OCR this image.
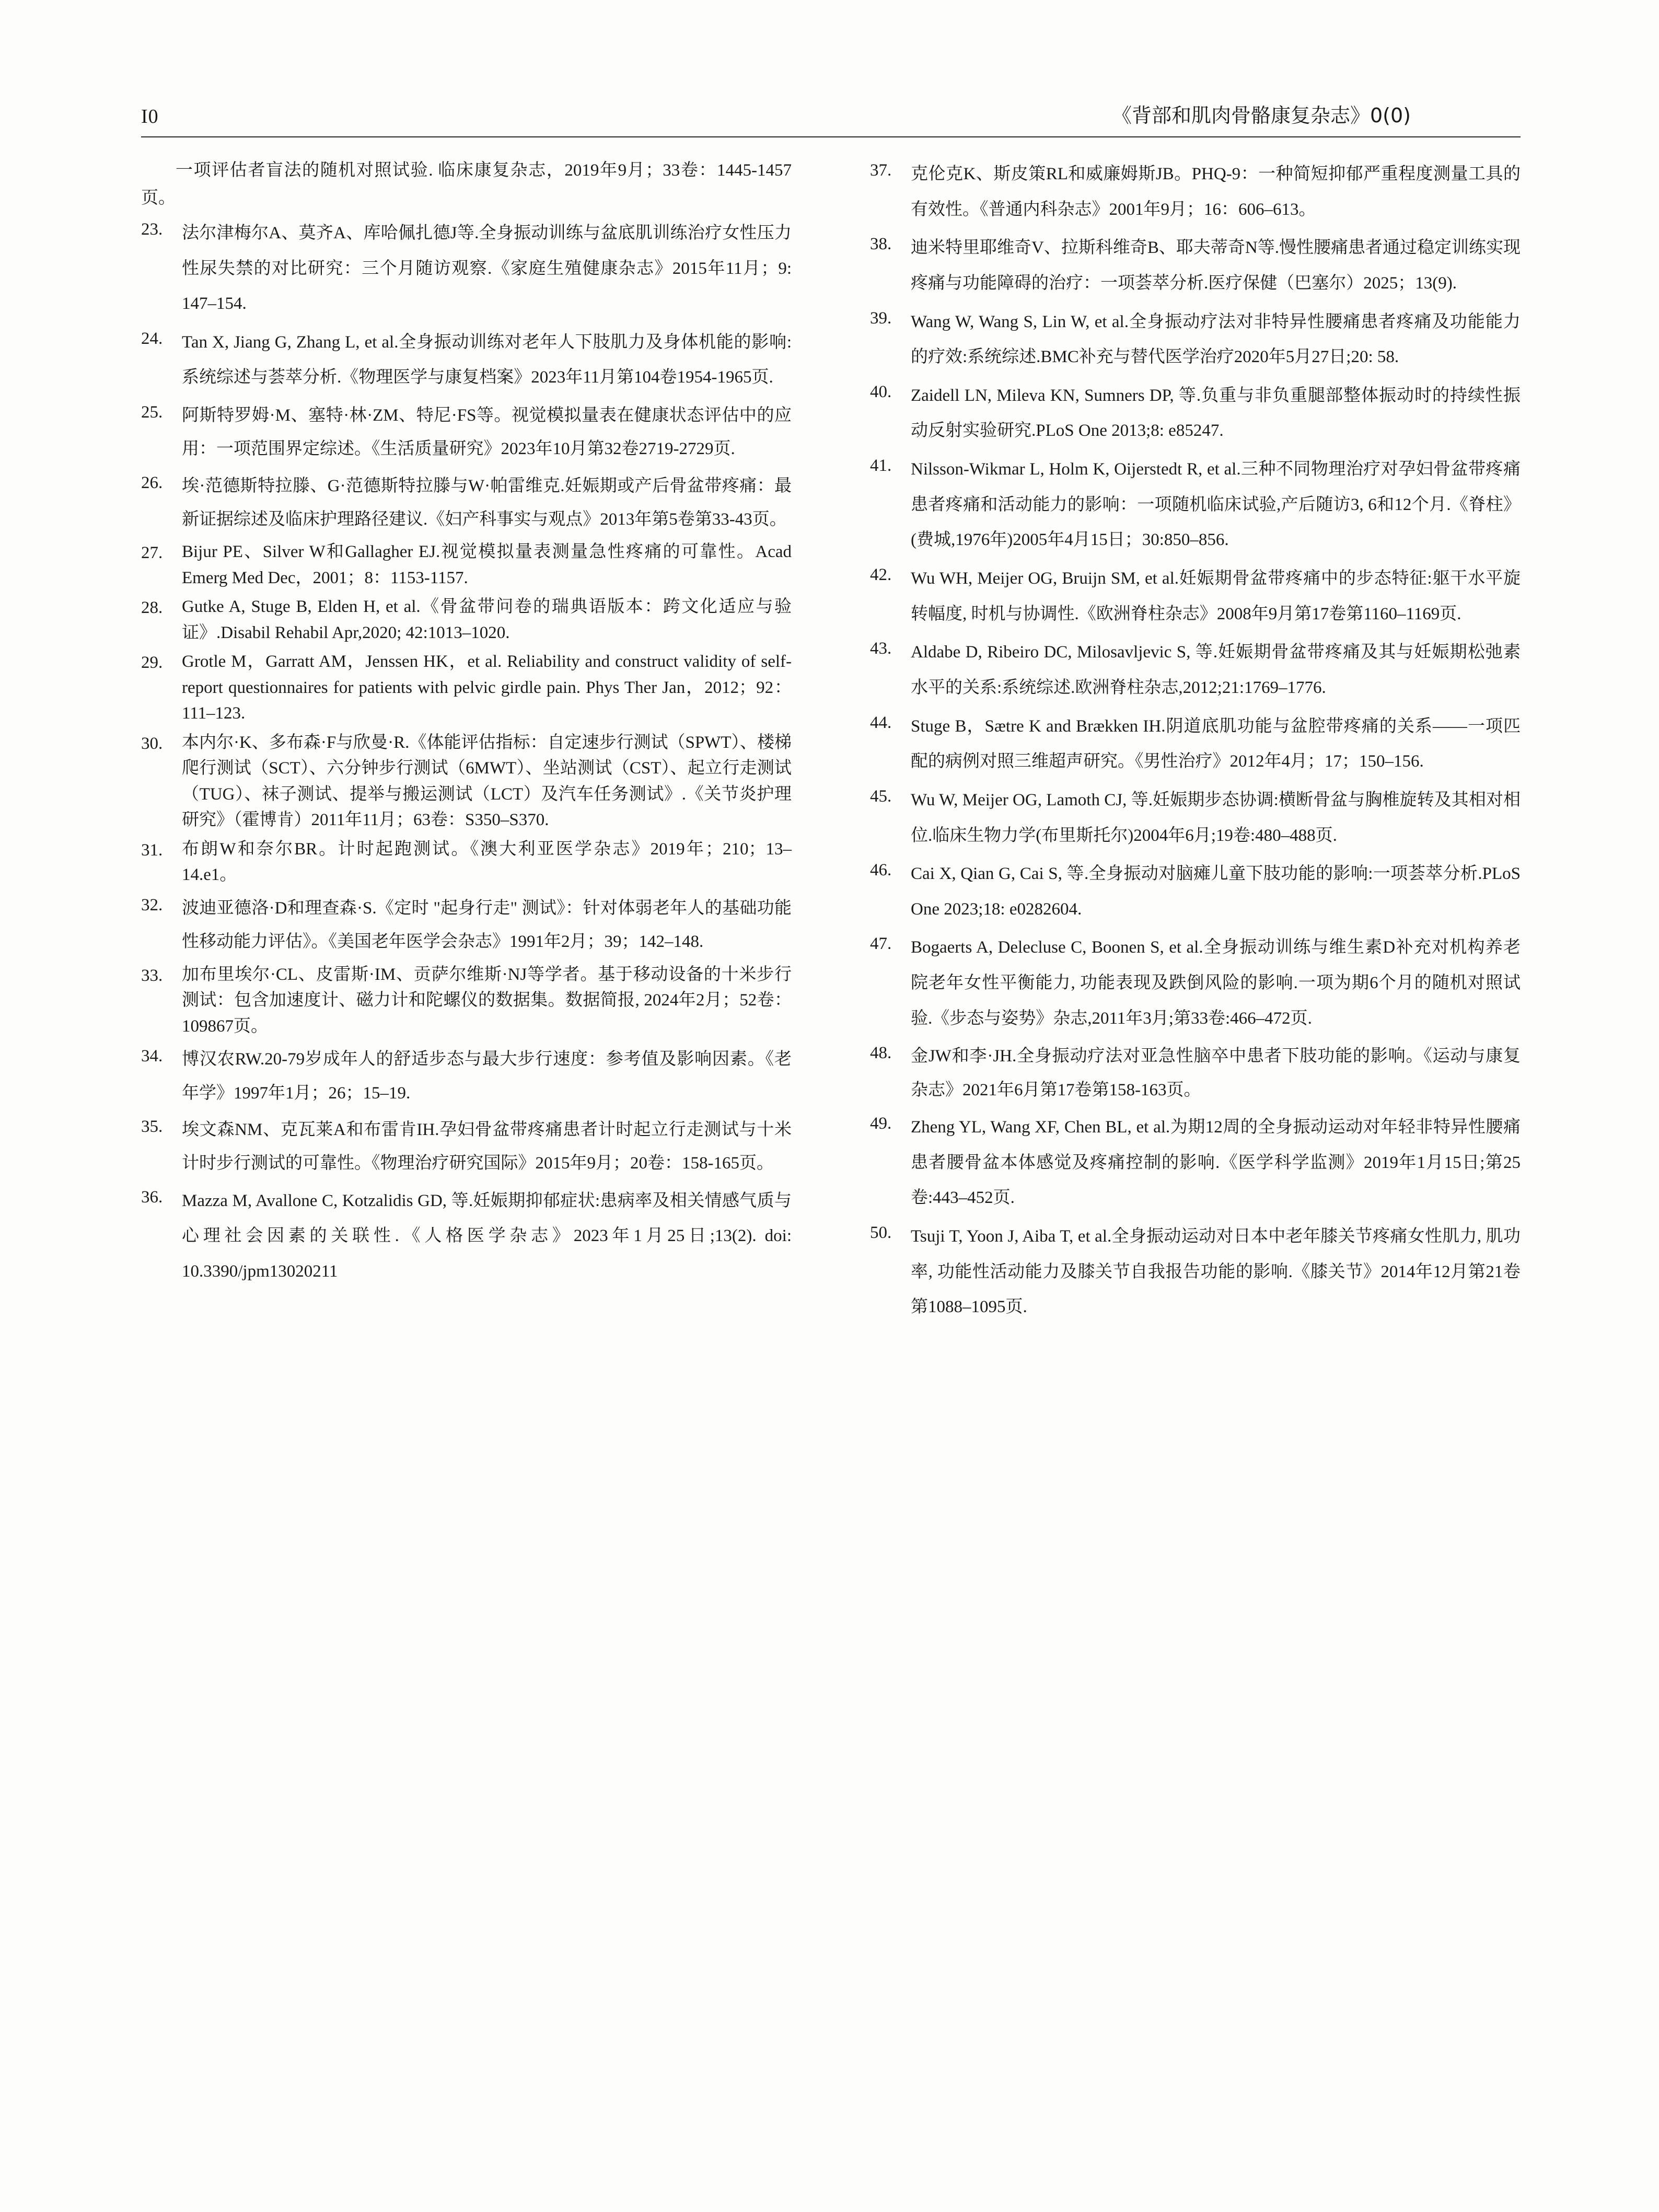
I0	《背部和肌肉骨骼康复杂志》0(0)

一项评估者盲法的随机对照试验. 临床康复杂志，2019年9月；33卷：1445-1457页。

23.	法尔津梅尔A、莫齐A、库哈佩扎德J等.全身振动训练与盆底肌训练治疗女性压力性尿失禁的对比研究：三个月随访观察.《家庭生殖健康杂志》2015年11月；9: 147–154.
24.	Tan X, Jiang G, Zhang L, et al.全身振动训练对老年人下肢肌力及身体机能的影响:系统综述与荟萃分析.《物理医学与康复档案》2023年11月第104卷1954-1965页.
25.	阿斯特罗姆·M、塞特·林·ZM、特尼·FS等。视觉模拟量表在健康状态评估中的应用：一项范围界定综述。《生活质量研究》2023年10月第32卷2719-2729页.
26.	埃·范德斯特拉滕、G·范德斯特拉滕与W·帕雷维克.妊娠期或产后骨盆带疼痛：最新证据综述及临床护理路径建议.《妇产科事实与观点》2013年第5卷第33-43页。
27.	Bijur PE、Silver W和Gallagher EJ.视觉模拟量表测量急性疼痛的可靠性。Acad Emerg Med Dec，2001；8：1153-1157.
28.	Gutke A, Stuge B, Elden H, et al.《骨盆带问卷的瑞典语版本：跨文化适应与验证》.Disabil Rehabil Apr,2020; 42:1013–1020.
29.	Grotle M，Garratt AM，Jenssen HK，et al. Reliability and construct validity of self-report questionnaires for patients with pelvic girdle pain. Phys Ther Jan，2012；92：111–123.
30.	本内尔·K、多布森·F与欣曼·R.《体能评估指标：自定速步行测试（SPWT）、楼梯爬行测试（SCT）、六分钟步行测试（6MWT）、坐站测试（CST）、起立行走测试（TUG）、袜子测试、提举与搬运测试（LCT）及汽车任务测试》.《关节炎护理研究》（霍博肯）2011年11月；63卷：S350–S370.
31.	布朗W和奈尔BR。计时起跑测试。《澳大利亚医学杂志》2019年；210；13–14.e1。
32.	波迪亚德洛·D和理查森·S.《定时 "起身行走" 测试》：针对体弱老年人的基础功能性移动能力评估》。《美国老年医学会杂志》1991年2月；39；142–148.
33.	加布里埃尔·CL、皮雷斯·IM、贡萨尔维斯·NJ等学者。基于移动设备的十米步行测试：包含加速度计、磁力计和陀螺仪的数据集。数据简报, 2024年2月；52卷：109867页。
34.	博汉农RW.20-79岁成年人的舒适步态与最大步行速度：参考值及影响因素。《老年学》1997年1月；26；15–19.
35.	埃文森NM、克瓦莱A和布雷肯IH.孕妇骨盆带疼痛患者计时起立行走测试与十米计时步行测试的可靠性。《物理治疗研究国际》2015年9月；20卷：158-165页。
36.	Mazza M, Avallone C, Kotzalidis GD, 等.妊娠期抑郁症状:患病率及相关情感气质与心理社会因素的关联性.《人格医学杂志》2023年1月25日;13(2). doi: 10.3390/jpm13020211
37.	克伦克K、斯皮策RL和威廉姆斯JB。PHQ-9：一种简短抑郁严重程度测量工具的有效性。《普通内科杂志》2001年9月；16：606–613。
38.	迪米特里耶维奇V、拉斯科维奇B、耶夫蒂奇N等.慢性腰痛患者通过稳定训练实现疼痛与功能障碍的治疗：一项荟萃分析.医疗保健（巴塞尔）2025；13(9).
39.	Wang W, Wang S, Lin W, et al.全身振动疗法对非特异性腰痛患者疼痛及功能能力的疗效:系统综述.BMC补充与替代医学治疗2020年5月27日;20: 58.
40.	Zaidell LN, Mileva KN, Sumners DP, 等.负重与非负重腿部整体振动时的持续性振动反射实验研究.PLoS One 2013;8: e85247.
41.	Nilsson-Wikmar L, Holm K, Oijerstedt R, et al.三种不同物理治疗对孕妇骨盆带疼痛患者疼痛和活动能力的影响：一项随机临床试验,产后随访3, 6和12个月.《脊柱》(费城,1976年)2005年4月15日；30:850–856.
42.	Wu WH, Meijer OG, Bruijn SM, et al.妊娠期骨盆带疼痛中的步态特征:躯干水平旋转幅度, 时机与协调性.《欧洲脊柱杂志》2008年9月第17卷第1160–1169页.
43.	Aldabe D, Ribeiro DC, Milosavljevic S, 等.妊娠期骨盆带疼痛及其与妊娠期松弛素水平的关系:系统综述.欧洲脊柱杂志,2012;21:1769–1776.
44.	Stuge B，Sætre K and Brækken IH.阴道底肌功能与盆腔带疼痛的关系——一项匹配的病例对照三维超声研究。《男性治疗》2012年4月；17；150–156.
45.	Wu W, Meijer OG, Lamoth CJ, 等.妊娠期步态协调:横断骨盆与胸椎旋转及其相对相位.临床生物力学(布里斯托尔)2004年6月;19卷:480–488页.
46.	Cai X, Qian G, Cai S, 等.全身振动对脑瘫儿童下肢功能的影响:一项荟萃分析.PLoS One 2023;18: e0282604.
47.	Bogaerts A, Delecluse C, Boonen S, et al.全身振动训练与维生素D补充对机构养老院老年女性平衡能力, 功能表现及跌倒风险的影响.一项为期6个月的随机对照试验.《步态与姿势》杂志,2011年3月;第33卷:466–472页.
48.	金JW和李·JH.全身振动疗法对亚急性脑卒中患者下肢功能的影响。《运动与康复杂志》2021年6月第17卷第158-163页。
49.	Zheng YL, Wang XF, Chen BL, et al.为期12周的全身振动运动对年轻非特异性腰痛患者腰骨盆本体感觉及疼痛控制的影响.《医学科学监测》2019年1月15日;第25卷:443–452页.
50.	Tsuji T, Yoon J, Aiba T, et al.全身振动运动对日本中老年膝关节疼痛女性肌力, 肌功率, 功能性活动能力及膝关节自我报告功能的影响.《膝关节》2014年12月第21卷第1088–1095页.
